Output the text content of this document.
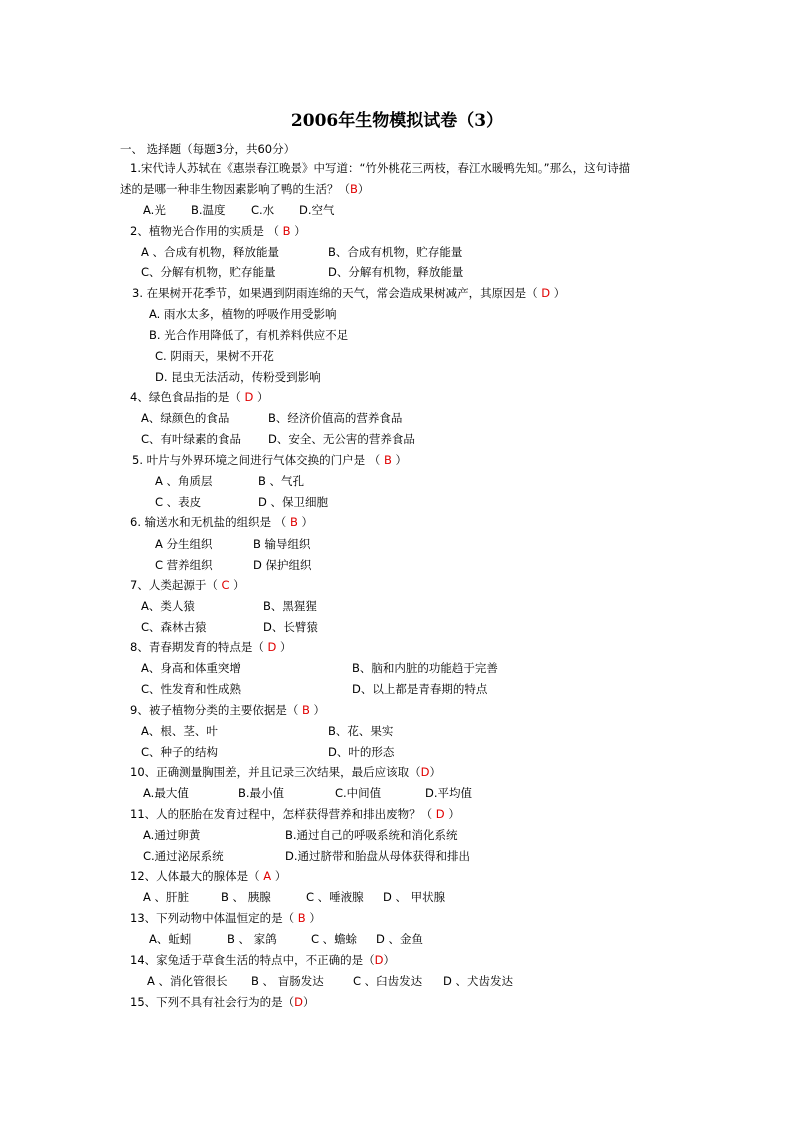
2006年生物模拟试卷（3）
一、 选择题（每题3分，共60分）
1.宋代诗人苏轼在《惠崇春江晚景》中写道：“竹外桃花三两枝，春江水暖鸭先知。”那么，这句诗描
述的是哪一种非生物因素影响了鸭的生活？（B）
A.光 B.温度 C.水 D.空气
2、植物光合作用的实质是 （ B ）
A 、合成有机物，释放能量	B、合成有机物，贮存能量
C、分解有机物，贮存能量	D、分解有机物，释放能量
3. 在果树开花季节，如果遇到阴雨连绵的天气，常会造成果树减产，其原因是（ D ）
A. 雨水太多，植物的呼吸作用受影响
B. 光合作用降低了，有机养料供应不足
C. 阴雨天，果树不开花
D. 昆虫无法活动，传粉受到影响
4、绿色食品指的是（ D ）
A、绿颜色的食品	B、经济价值高的营养食品
C、有叶绿素的食品 D、安全、无公害的营养食品
5. 叶片与外界环境之间进行气体交换的门户是 （ B ）
A 、角质层	B 、气孔
C 、表皮	D 、保卫细胞
6. 输送水和无机盐的组织是 （ B ）
A 分生组织	B 输导组织
C 营养组织	D 保护组织
7、人类起源于（ C ）
A、类人猿	B、黑猩猩
C、森林古猿	D、长臂猿
8、青春期发育的特点是（ D ）
A、身高和体重突增	B、脑和内脏的功能趋于完善
C、性发育和性成熟	D、以上都是青春期的特点
9、被子植物分类的主要依据是（ B ）
A、根、茎、叶	B、花、果实
C、种子的结构	D、叶的形态
10、正确测量胸围差，并且记录三次结果，最后应该取（D）
A.最大值	B.最小值	C.中间值	D.平均值
11、人的胚胎在发育过程中，怎样获得营养和排出废物？（ D ）
A.通过卵黄	B.通过自己的呼吸系统和消化系统
C.通过泌尿系统	D.通过脐带和胎盘从母体获得和排出
12、人体最大的腺体是（ A ）
A 、肝脏	B 、 胰腺	C 、唾液腺 D 、 甲状腺
13、下列动物中体温恒定的是（ B ）
A、蚯蚓	B 、 家鸽	C 、蟾蜍 D 、金鱼
14、家兔适于草食生活的特点中，不正确的是（D）
A 、消化管很长 B 、 盲肠发达	C 、臼齿发达 D 、犬齿发达
15、下列不具有社会行为的是（D）
